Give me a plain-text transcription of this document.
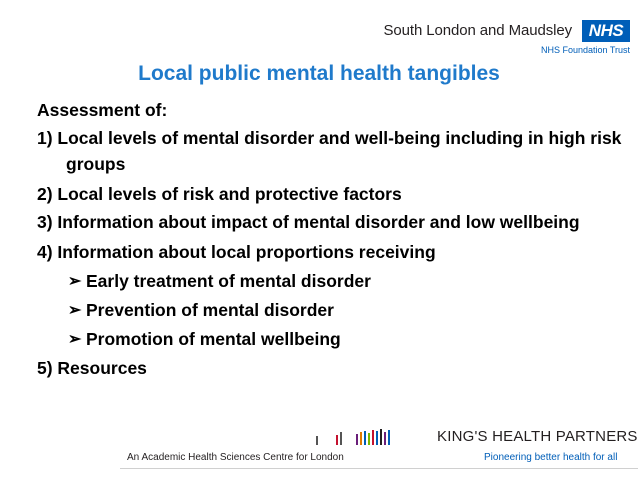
South London and Maudsley NHS
NHS Foundation Trust
Local public mental health tangibles

Assessment of:

1) Local levels of mental disorder and well-being including in high risk groups

2) Local levels of risk and protective factors

3) Information about impact of mental disorder and low wellbeing

4) Information about local proportions receiving

➢ Early treatment of mental disorder

➢ Prevention of mental disorder

➢ Promotion of mental wellbeing

5) Resources

KING'S HEALTH PARTNERS
An Academic Health Sciences Centre for London	Pioneering better health for all
